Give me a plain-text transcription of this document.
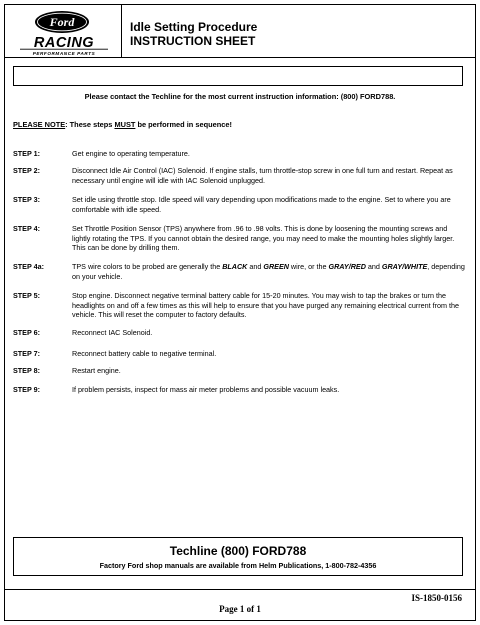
Ford
RACING
PERFORMANCE PARTS
Idle Setting Procedure
INSTRUCTION SHEET
Please contact the Techline for the most current instruction information: (800) FORD788.
PLEASE NOTE: These steps MUST be performed in sequence!
STEP 1:	Get engine to operating temperature.
STEP 2:	Disconnect Idle Air Control (IAC) Solenoid. If engine stalls, turn throttle-stop screw in one full turn and restart. Repeat as necessary until engine will idle with IAC Solenoid unplugged.
STEP 3:	Set idle using throttle stop. Idle speed will vary depending upon modifications made to the engine. Set to where you are comfortable with idle speed.
STEP 4:	Set Throttle Position Sensor (TPS) anywhere from .96 to .98 volts. This is done by loosening the mounting screws and lightly rotating the TPS. If you cannot obtain the desired range, you may need to make the mounting holes slightly larger. This can be done by drilling them.
STEP 4a:	TPS wire colors to be probed are generally the BLACK and GREEN wire, or the GRAY/RED and GRAY/WHITE, depending on your vehicle.
STEP 5:	Stop engine. Disconnect negative terminal battery cable for 15-20 minutes. You may wish to tap the brakes or turn the headlights on and off a few times as this will help to ensure that you have purged any remaining electrical current from the vehicle. This will reset the computer to factory defaults.
STEP 6:	Reconnect IAC Solenoid.
STEP 7:	Reconnect battery cable to negative terminal.
STEP 8:	Restart engine.
STEP 9:	If problem persists, inspect for mass air meter problems and possible vacuum leaks.
Techline (800) FORD788
Factory Ford shop manuals are available from Helm Publications, 1-800-782-4356
IS-1850-0156
Page 1 of 1
